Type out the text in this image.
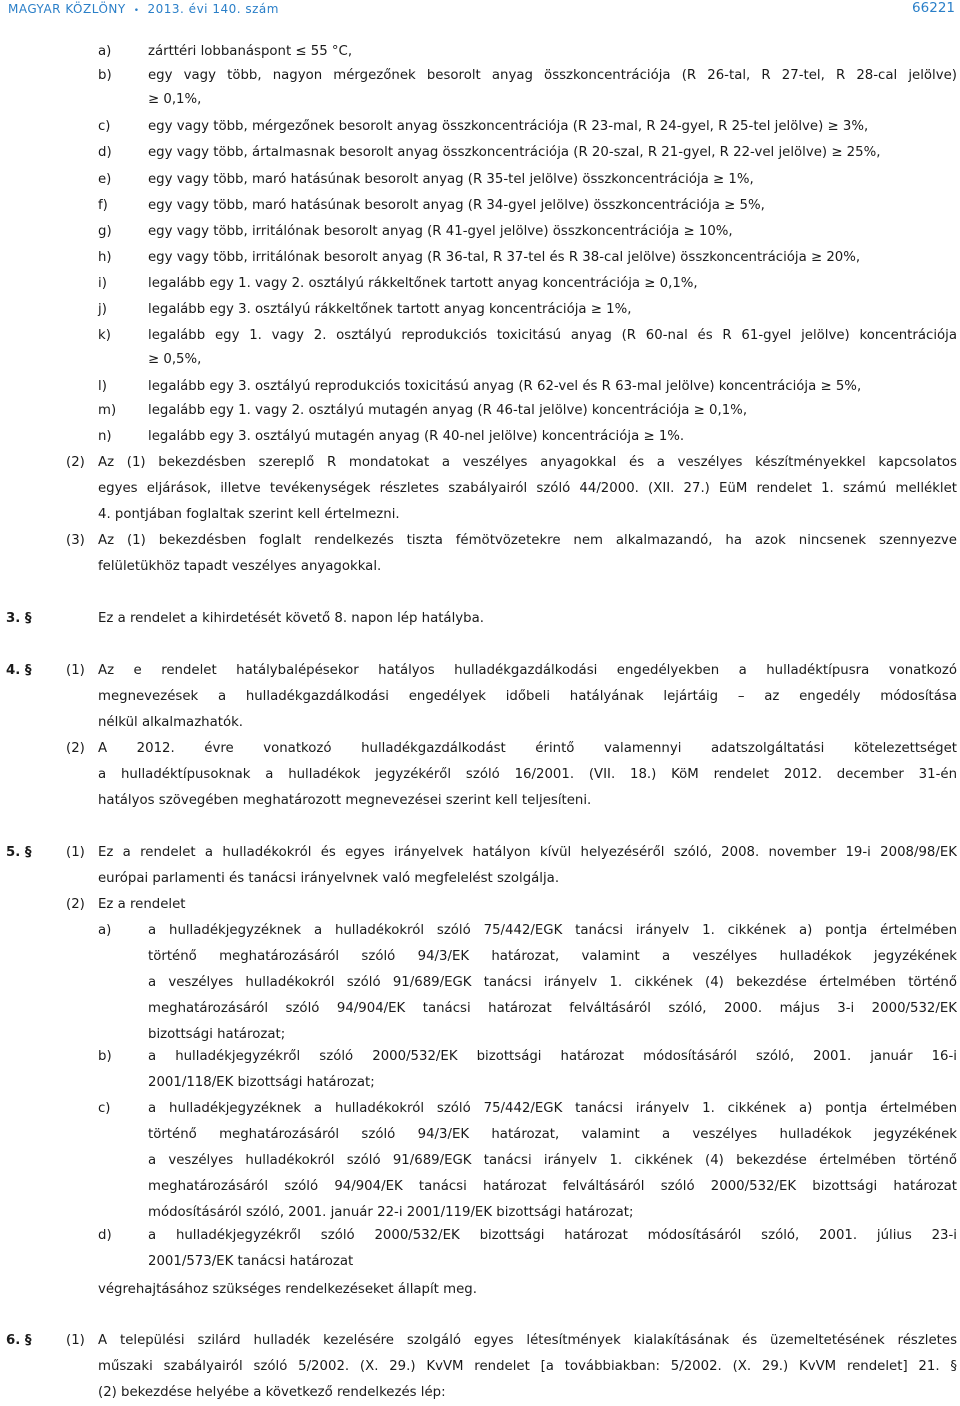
MAGYAR KÖZLÖNY • 2013. évi 140. szám	66221
a)	zárttéri lobbanáspont ≤ 55 °C,
b)	egy vagy több, nagyon mérgezőnek besorolt anyag összkoncentrációja (R 26-tal, R 27-tel, R 28-cal jelölve)
≥ 0,1%,
c)	egy vagy több, mérgezőnek besorolt anyag összkoncentrációja (R 23-mal, R 24-gyel, R 25-tel jelölve) ≥ 3%,
d)	egy vagy több, ártalmasnak besorolt anyag összkoncentrációja (R 20-szal, R 21-gyel, R 22-vel jelölve) ≥ 25%,
e)	egy vagy több, maró hatásúnak besorolt anyag (R 35-tel jelölve) összkoncentrációja ≥ 1%,
f)	egy vagy több, maró hatásúnak besorolt anyag (R 34-gyel jelölve) összkoncentrációja ≥ 5%,
g)	egy vagy több, irritálónak besorolt anyag (R 41-gyel jelölve) összkoncentrációja ≥ 10%,
h)	egy vagy több, irritálónak besorolt anyag (R 36-tal, R 37-tel és R 38-cal jelölve) összkoncentrációja ≥ 20%,
i)	legalább egy 1. vagy 2. osztályú rákkeltőnek tartott anyag koncentrációja ≥ 0,1%,
j)	legalább egy 3. osztályú rákkeltőnek tartott anyag koncentrációja ≥ 1%,
k)	legalább egy 1. vagy 2. osztályú reprodukciós toxicitású anyag (R 60-nal és R 61-gyel jelölve) koncentrációja
≥ 0,5%,
l)	legalább egy 3. osztályú reprodukciós toxicitású anyag (R 62-vel és R 63-mal jelölve) koncentrációja ≥ 5%,
m) legalább egy 1. vagy 2. osztályú mutagén anyag (R 46-tal jelölve) koncentrációja ≥ 0,1%,
n)	legalább egy 3. osztályú mutagén anyag (R 40-nel jelölve) koncentrációja ≥ 1%.
(2) Az (1) bekezdésben szereplő R mondatokat a veszélyes anyagokkal és a veszélyes készítményekkel kapcsolatos
egyes eljárások, illetve tevékenységek részletes szabályairól szóló 44/2000. (XII. 27.) EüM rendelet 1. számú melléklet
4. pontjában foglaltak szerint kell értelmezni.
(3) Az (1) bekezdésben foglalt rendelkezés tiszta fémötvözetekre nem alkalmazandó, ha azok nincsenek szennyezve
felületükhöz tapadt veszélyes anyagokkal.
3. §	Ez a rendelet a kihirdetését követő 8. napon lép hatályba.
4. §	(1) Az e rendelet hatálybalépésekor hatályos hulladékgazdálkodási engedélyekben a hulladéktípusra vonatkozó
megnevezések a hulladékgazdálkodási engedélyek időbeli hatályának lejártáig – az engedély módosítása
nélkül alkalmazhatók.
(2) A 2012. évre vonatkozó hulladékgazdálkodást érintő valamennyi adatszolgáltatási kötelezettséget
a hulladéktípusoknak a hulladékok jegyzékéről szóló 16/2001. (VII. 18.) KöM rendelet 2012. december 31-én
hatályos szövegében meghatározott megnevezései szerint kell teljesíteni.
5. §	(1) Ez a rendelet a hulladékokról és egyes irányelvek hatályon kívül helyezéséről szóló, 2008. november 19-i 2008/98/EK
európai parlamenti és tanácsi irányelvnek való megfelelést szolgálja.
(2) Ez a rendelet
a)	a hulladékjegyzéknek a hulladékokról szóló 75/442/EGK tanácsi irányelv 1. cikkének a) pontja értelmében
történő meghatározásáról szóló 94/3/EK határozat, valamint a veszélyes hulladékok jegyzékének
a veszélyes hulladékokról szóló 91/689/EGK tanácsi irányelv 1. cikkének (4) bekezdése értelmében történő
meghatározásáról szóló 94/904/EK tanácsi határozat felváltásáról szóló, 2000. május 3-i 2000/532/EK
bizottsági határozat;
b)	a hulladékjegyzékről szóló 2000/532/EK bizottsági határozat módosításáról szóló, 2001. január 16-i
2001/118/EK bizottsági határozat;
c)	a hulladékjegyzéknek a hulladékokról szóló 75/442/EGK tanácsi irányelv 1. cikkének a) pontja értelmében
történő meghatározásáról szóló 94/3/EK határozat, valamint a veszélyes hulladékok jegyzékének
a veszélyes hulladékokról szóló 91/689/EGK tanácsi irányelv 1. cikkének (4) bekezdése értelmében történő
meghatározásáról szóló 94/904/EK tanácsi határozat felváltásáról szóló 2000/532/EK bizottsági határozat
módosításáról szóló, 2001. január 22-i 2001/119/EK bizottsági határozat;
d)	a hulladékjegyzékről szóló 2000/532/EK bizottsági határozat módosításáról szóló, 2001. július 23-i
2001/573/EK tanácsi határozat
végrehajtásához szükséges rendelkezéseket állapít meg.
6. §	(1) A települési szilárd hulladék kezelésére szolgáló egyes létesítmények kialakításának és üzemeltetésének részletes
műszaki szabályairól szóló 5/2002. (X. 29.) KvVM rendelet [a továbbiakban: 5/2002. (X. 29.) KvVM rendelet] 21. §
(2) bekezdése helyébe a következő rendelkezés lép:
